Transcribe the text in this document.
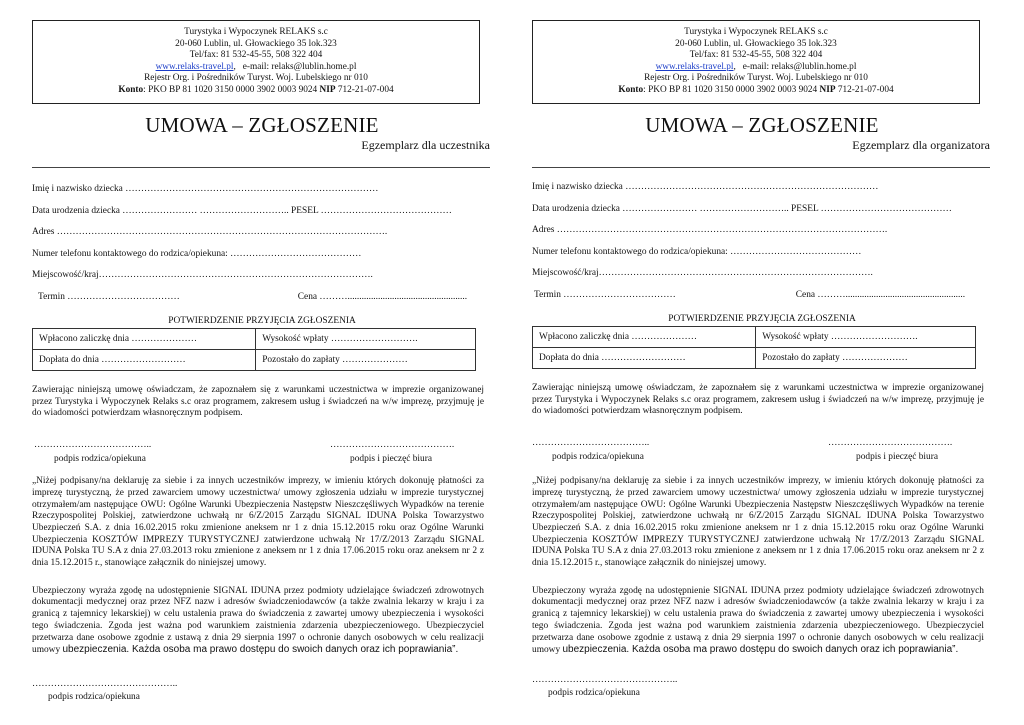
Turystyka i Wypoczynek RELAKS s.c
20-060 Lublin, ul. Głowackiego 35 lok.323
Tel/fax: 81 532-45-55, 508 322 404
www.relaks-travel.pl,   e-mail: relaks@lublin.home.pl
Rejestr Org. i Pośredników Turyst. Woj. Lubelskiego nr 010
Konto: PKO BP 81 1020 3150 0000 3902 0003 9024 NIP 712-21-07-004
UMOWA – ZGŁOSZENIE
Egzemplarz dla uczestnika
Imię i nazwisko dziecka ………………………………………………………………………
Data urodzenia dziecka …………………… ……………………….. PESEL ……………………………………
Adres …………………………………………………………………………………………….
Numer telefonu kontaktowego do rodzica/opiekuna: ……………………………………
Miejscowość/kraj…………………………………………………………………………….
Termin ………………………………	Cena ………...................................................
POTWIERDZENIE PRZYJĘCIA ZGŁOSZENIA
Wpłacono zaliczkę dnia …………………	Wysokość wpłaty ……………………….
Dopłata do dnia ………………………	Pozostało do zapłaty …………………
Zawierając niniejszą umowę oświadczam, że zapoznałem się z warunkami uczestnictwa w imprezie organizowanej przez Turystyka i Wypoczynek Relaks s.c oraz programem, zakresem usług i świadczeń na w/w imprezę, przyjmuję je do wiadomości potwierdzam własnoręcznym podpisem.
………………………………..
podpis rodzica/opiekuna
………………………………….
podpis i pieczęć biura
„Niżej podpisany/na deklaruję za siebie i za innych uczestników imprezy, w imieniu których dokonuję płatności za imprezę turystyczną, że przed zawarciem umowy uczestnictwa/ umowy zgłoszenia udziału w imprezie turystycznej otrzymałem/am następujące OWU: Ogólne Warunki Ubezpieczenia Następstw Nieszczęśliwych Wypadków na terenie Rzeczypospolitej Polskiej, zatwierdzone uchwałą nr 6/Z/2015 Zarządu SIGNAL IDUNA Polska Towarzystwo Ubezpieczeń S.A. z dnia 16.02.2015 roku zmienione aneksem nr 1 z dnia 15.12.2015 roku oraz Ogólne Warunki Ubezpieczenia KOSZTÓW IMPREZY TURYSTYCZNEJ zatwierdzone uchwałą Nr 17/Z/2013 Zarządu SIGNAL IDUNA Polska TU S.A z dnia 27.03.2013 roku zmienione z aneksem nr 1 z dnia 17.06.2015 roku oraz aneksem nr 2 z dnia 15.12.2015 r., stanowiące załącznik do niniejszej umowy.
Ubezpieczony wyraża zgodę na udostępnienie SIGNAL IDUNA przez podmioty udzielające świadczeń zdrowotnych dokumentacji medycznej oraz przez NFZ nazw i adresów świadczeniodawców (a także zwalnia lekarzy w kraju i za granicą z tajemnicy lekarskiej) w celu ustalenia prawa do świadczenia z zawartej umowy ubezpieczenia i wysokości tego świadczenia. Zgoda jest ważna pod warunkiem zaistnienia zdarzenia ubezpieczeniowego. Ubezpieczyciel przetwarza dane osobowe zgodnie z ustawą z dnia 29 sierpnia 1997 o ochronie danych osobowych w celu realizacji umowy ubezpieczenia. Każda osoba ma prawo dostępu do swoich danych oraz ich poprawiania”.
………………………………………..
podpis rodzica/opiekuna
Turystyka i Wypoczynek RELAKS s.c
20-060 Lublin, ul. Głowackiego 35 lok.323
Tel/fax: 81 532-45-55, 508 322 404
www.relaks-travel.pl,   e-mail: relaks@lublin.home.pl
Rejestr Org. i Pośredników Turyst. Woj. Lubelskiego nr 010
Konto: PKO BP 81 1020 3150 0000 3902 0003 9024 NIP 712-21-07-004
UMOWA – ZGŁOSZENIE
Egzemplarz dla organizatora
Imię i nazwisko dziecka ………………………………………………………………………
Data urodzenia dziecka …………………… ……………………….. PESEL ……………………………………
Adres …………………………………………………………………………………………….
Numer telefonu kontaktowego do rodzica/opiekuna: ……………………………………
Miejscowość/kraj…………………………………………………………………………….
Termin ………………………………	Cena ………...................................................
POTWIERDZENIE PRZYJĘCIA ZGŁOSZENIA
Wpłacono zaliczkę dnia …………………	Wysokość wpłaty ……………………….
Dopłata do dnia ………………………	Pozostało do zapłaty …………………
Zawierając niniejszą umowę oświadczam, że zapoznałem się z warunkami uczestnictwa w imprezie organizowanej przez Turystyka i Wypoczynek Relaks s.c oraz programem, zakresem usług i świadczeń na w/w imprezę, przyjmuję je do wiadomości potwierdzam własnoręcznym podpisem.
………………………………..
podpis rodzica/opiekuna
………………………………….
podpis i pieczęć biura
„Niżej podpisany/na deklaruję za siebie i za innych uczestników imprezy, w imieniu których dokonuję płatności za imprezę turystyczną, że przed zawarciem umowy uczestnictwa/ umowy zgłoszenia udziału w imprezie turystycznej otrzymałem/am następujące OWU: Ogólne Warunki Ubezpieczenia Następstw Nieszczęśliwych Wypadków na terenie Rzeczypospolitej Polskiej, zatwierdzone uchwałą nr 6/Z/2015 Zarządu SIGNAL IDUNA Polska Towarzystwo Ubezpieczeń S.A. z dnia 16.02.2015 roku zmienione aneksem nr 1 z dnia 15.12.2015 roku oraz Ogólne Warunki Ubezpieczenia KOSZTÓW IMPREZY TURYSTYCZNEJ zatwierdzone uchwałą Nr 17/Z/2013 Zarządu SIGNAL IDUNA Polska TU S.A z dnia 27.03.2013 roku zmienione z aneksem nr 1 z dnia 17.06.2015 roku oraz aneksem nr 2 z dnia 15.12.2015 r., stanowiące załącznik do niniejszej umowy.
Ubezpieczony wyraża zgodę na udostępnienie SIGNAL IDUNA przez podmioty udzielające świadczeń zdrowotnych dokumentacji medycznej oraz przez NFZ nazw i adresów świadczeniodawców (a także zwalnia lekarzy w kraju i za granicą z tajemnicy lekarskiej) w celu ustalenia prawa do świadczenia z zawartej umowy ubezpieczenia i wysokości tego świadczenia. Zgoda jest ważna pod warunkiem zaistnienia zdarzenia ubezpieczeniowego. Ubezpieczyciel przetwarza dane osobowe zgodnie z ustawą z dnia 29 sierpnia 1997 o ochronie danych osobowych w celu realizacji umowy ubezpieczenia. Każda osoba ma prawo dostępu do swoich danych oraz ich poprawiania”.
………………………………………..
podpis rodzica/opiekuna
